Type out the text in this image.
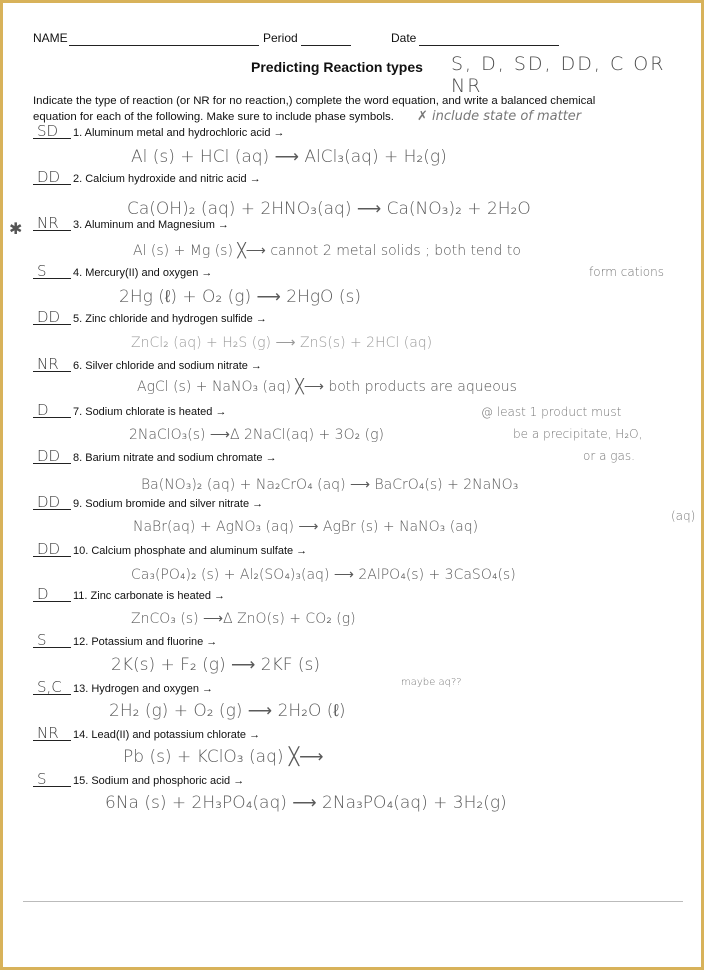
NAME	Period	Date
Predicting Reaction types S, D, SD, DD, C OR NR
Indicate the type of reaction (or NR for no reaction,) complete the word equation, and write a balanced chemical equation for each of the following. Make sure to include phase symbols.	✗ include state of matter
✱
SD 1. Aluminum metal and hydrochloric acid →
Al (s) + HCl (aq) ⟶ AlCl₃(aq) + H₂(g)
DD 2. Calcium hydroxide and nitric acid →
Ca(OH)₂ (aq) + 2HNO₃(aq) ⟶ Ca(NO₃)₂ + 2H₂O
NR 3. Aluminum and Magnesium →
Al (s) + Mg (s) ╳⟶ cannot 2 metal solids ; both tend to
form cations
S 4. Mercury(II) and oxygen →
2Hg (ℓ) + O₂ (g) ⟶ 2HgO (s)
DD 5. Zinc chloride and hydrogen sulfide →
ZnCl₂ (aq) + H₂S (g) ⟶ ZnS(s) + 2HCl (aq)
NR 6. Silver chloride and sodium nitrate →
AgCl (s) + NaNO₃ (aq) ╳⟶ both products are aqueous
@ least 1 product must
be a precipitate, H₂O,
or a gas.
D 7. Sodium chlorate is heated →
2NaClO₃(s) ⟶Δ 2NaCl(aq) + 3O₂ (g)
DD 8. Barium nitrate and sodium chromate →
Ba(NO₃)₂ (aq) + Na₂CrO₄ (aq) ⟶ BaCrO₄(s) + 2NaNO₃
(aq)
DD 9. Sodium bromide and silver nitrate →
NaBr(aq) + AgNO₃ (aq) ⟶ AgBr (s) + NaNO₃ (aq)
DD 10. Calcium phosphate and aluminum sulfate →
Ca₃(PO₄)₂ (s) + Al₂(SO₄)₃(aq) ⟶ 2AlPO₄(s) + 3CaSO₄(s)
D 11. Zinc carbonate is heated →
ZnCO₃ (s) ⟶Δ ZnO(s) + CO₂ (g)
S 12. Potassium and fluorine →
2K(s) + F₂ (g) ⟶ 2KF (s)
maybe aq??
S,C 13. Hydrogen and oxygen →
2H₂ (g) + O₂ (g) ⟶ 2H₂O (ℓ)
NR 14. Lead(II) and potassium chlorate →
Pb (s) + KClO₃ (aq) ╳⟶
S 15. Sodium and phosphoric acid →
6Na (s) + 2H₃PO₄(aq) ⟶ 2Na₃PO₄(aq) + 3H₂(g)
